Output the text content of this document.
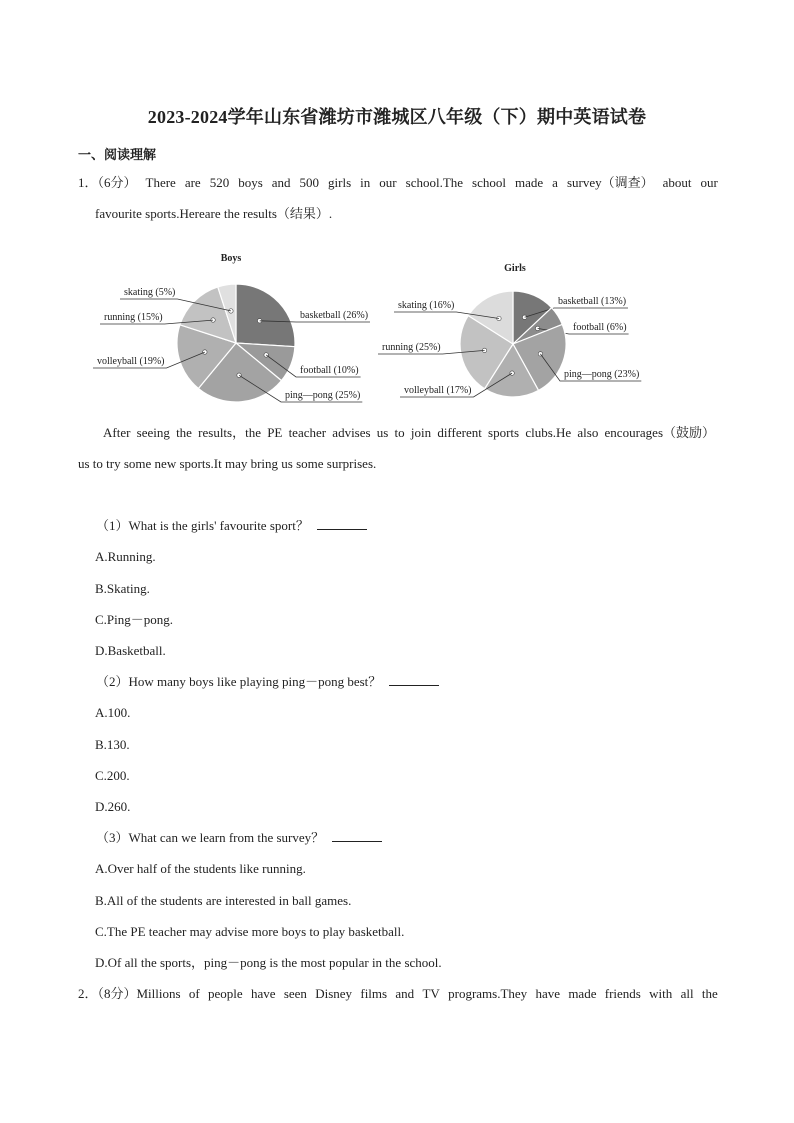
2023-2024学年山东省潍坊市潍城区八年级（下）期中英语试卷
一、阅读理解
1．（6分） There are 520 boys and 500 girls in our school.The school made a survey（调查） about our
favourite sports.Hereare the results（结果）.
Boys
basketball (26%)
football (10%)
ping—pong (25%)
volleyball (19%)
running (15%)
skating (5%)
Girls
basketball (13%)
football (6%)
ping—pong (23%)
volleyball (17%)
running (25%)
skating (16%)
After seeing the results，the PE teacher advises us to join different sports clubs.He also encourages（鼓励）
us to try some new sports.It may bring us some surprises.
（1）What is the girls' favourite sport？
A.Running.
B.Skating.
C.Ping－pong.
D.Basketball.
（2）How many boys like playing ping－pong best？
A.100.
B.130.
C.200.
D.260.
（3）What can we learn from the survey？
A.Over half of the students like running.
B.All of the students are interested in ball games.
C.The PE teacher may advise more boys to play basketball.
D.Of all the sports，ping－pong is the most popular in the school.
2．（8分）Millions of people have seen Disney films and TV programs.They have made friends with all the
